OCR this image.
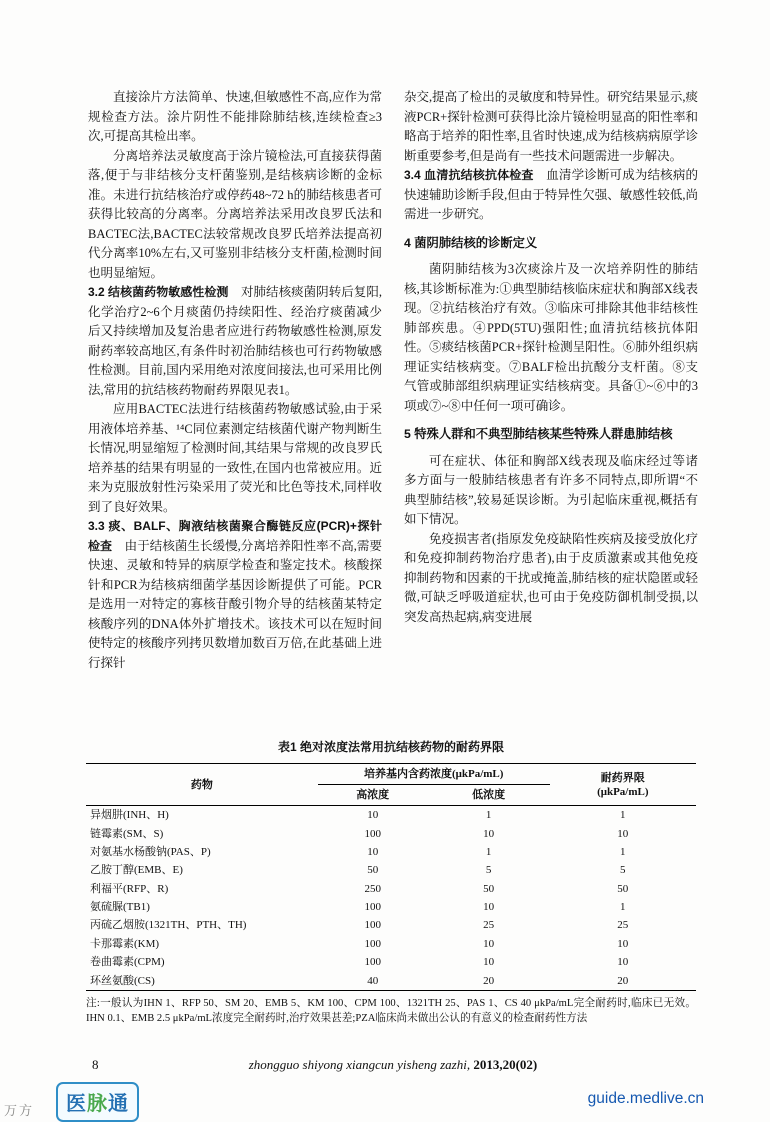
直接涂片方法简单、快速,但敏感性不高,应作为常规检查方法。涂片阴性不能排除肺结核,连续检查≥3次,可提高其检出率。

分离培养法灵敏度高于涂片镜检法,可直接获得菌落,便于与非结核分支杆菌鉴别,是结核病诊断的金标准。未进行抗结核治疗或停药48~72 h的肺结核患者可获得比较高的分离率。分离培养法采用改良罗氏法和BACTEC法,BACTEC法较常规改良罗氏培养法提高初代分离率10%左右,又可鉴别非结核分支杆菌,检测时间也明显缩短。

3.2 结核菌药物敏感性检测　对肺结核痰菌阴转后复阳,化学治疗2~6个月痰菌仍持续阳性、经治疗痰菌减少后又持续增加及复治患者应进行药物敏感性检测,原发耐药率较高地区,有条件时初治肺结核也可行药物敏感性检测。目前,国内采用绝对浓度间接法,也可采用比例法,常用的抗结核药物耐药界限见表1。

应用BACTEC法进行结核菌药物敏感试验,由于采用液体培养基、¹⁴C同位素测定结核菌代谢产物判断生长情况,明显缩短了检测时间,其结果与常规的改良罗氏培养基的结果有明显的一致性,在国内也常被应用。近来为克服放射性污染采用了荧光和比色等技术,同样收到了良好效果。

3.3 痰、BALF、胸液结核菌聚合酶链反应(PCR)+探针检查　由于结核菌生长缓慢,分离培养阳性率不高,需要快速、灵敏和特异的病原学检查和鉴定技术。核酸探针和PCR为结核病细菌学基因诊断提供了可能。PCR是选用一对特定的寡核苷酸引物介导的结核菌某特定核酸序列的DNA体外扩增技术。该技术可以在短时间使特定的核酸序列拷贝数增加数百万倍,在此基础上进行探针

杂交,提高了检出的灵敏度和特异性。研究结果显示,痰液PCR+探针检测可获得比涂片镜检明显高的阳性率和略高于培养的阳性率,且省时快速,成为结核病病原学诊断重要参考,但是尚有一些技术问题需进一步解决。

3.4 血清抗结核抗体检查　血清学诊断可成为结核病的快速辅助诊断手段,但由于特异性欠强、敏感性较低,尚需进一步研究。

4 菌阴肺结核的诊断定义

菌阴肺结核为3次痰涂片及一次培养阴性的肺结核,其诊断标准为:①典型肺结核临床症状和胸部X线表现。②抗结核治疗有效。③临床可排除其他非结核性肺部疾患。④PPD(5TU)强阳性;血清抗结核抗体阳性。⑤痰结核菌PCR+探针检测呈阳性。⑥肺外组织病理证实结核病变。⑦BALF检出抗酸分支杆菌。⑧支气管或肺部组织病理证实结核病变。具备①~⑥中的3项或⑦~⑧中任何一项可确诊。

5 特殊人群和不典型肺结核某些特殊人群患肺结核

可在症状、体征和胸部X线表现及临床经过等诸多方面与一般肺结核患者有许多不同特点,即所谓“不典型肺结核”,较易延误诊断。为引起临床重视,概括有如下情况。

免疫损害者(指原发免疫缺陷性疾病及接受放化疗和免疫抑制药物治疗患者),由于皮质激素或其他免疫抑制药物和因素的干扰或掩盖,肺结核的症状隐匿或轻微,可缺乏呼吸道症状,也可由于免疫防御机制受损,以突发高热起病,病变进展

表1 绝对浓度法常用抗结核药物的耐药界限
药物	培养基内含药浓度(μkPa/mL)		耐药界限
(μkPa/mL)
	高浓度	低浓度	
异烟肼(INH、H)	10	1	1
链霉素(SM、S)	100	10	10
对氨基水杨酸钠(PAS、P)	10	1	1
乙胺丁醇(EMB、E)	50	5	5
利福平(RFP、R)	250	50	50
氨硫脲(TB1)	100	10	1
丙硫乙烟胺(1321TH、PTH、TH)	100	25	25
卡那霉素(KM)	100	10	10
卷曲霉素(CPM)	100	10	10
环丝氨酸(CS)	40	20	20
注:一般认为IHN 1、RFP 50、SM 20、EMB 5、KM 100、CPM 100、1321TH 25、PAS 1、CS 40 μkPa/mL完全耐药时,临床已无效。IHN 0.1、EMB 2.5 μkPa/mL浓度完全耐药时,治疗效果甚差;PZA临床尚未做出公认的有意义的检查耐药性方法
8	zhongguo shiyong xiangcun yisheng zazhi, 2013,20(02)
万方	医脉通	guide.medlive.cn
